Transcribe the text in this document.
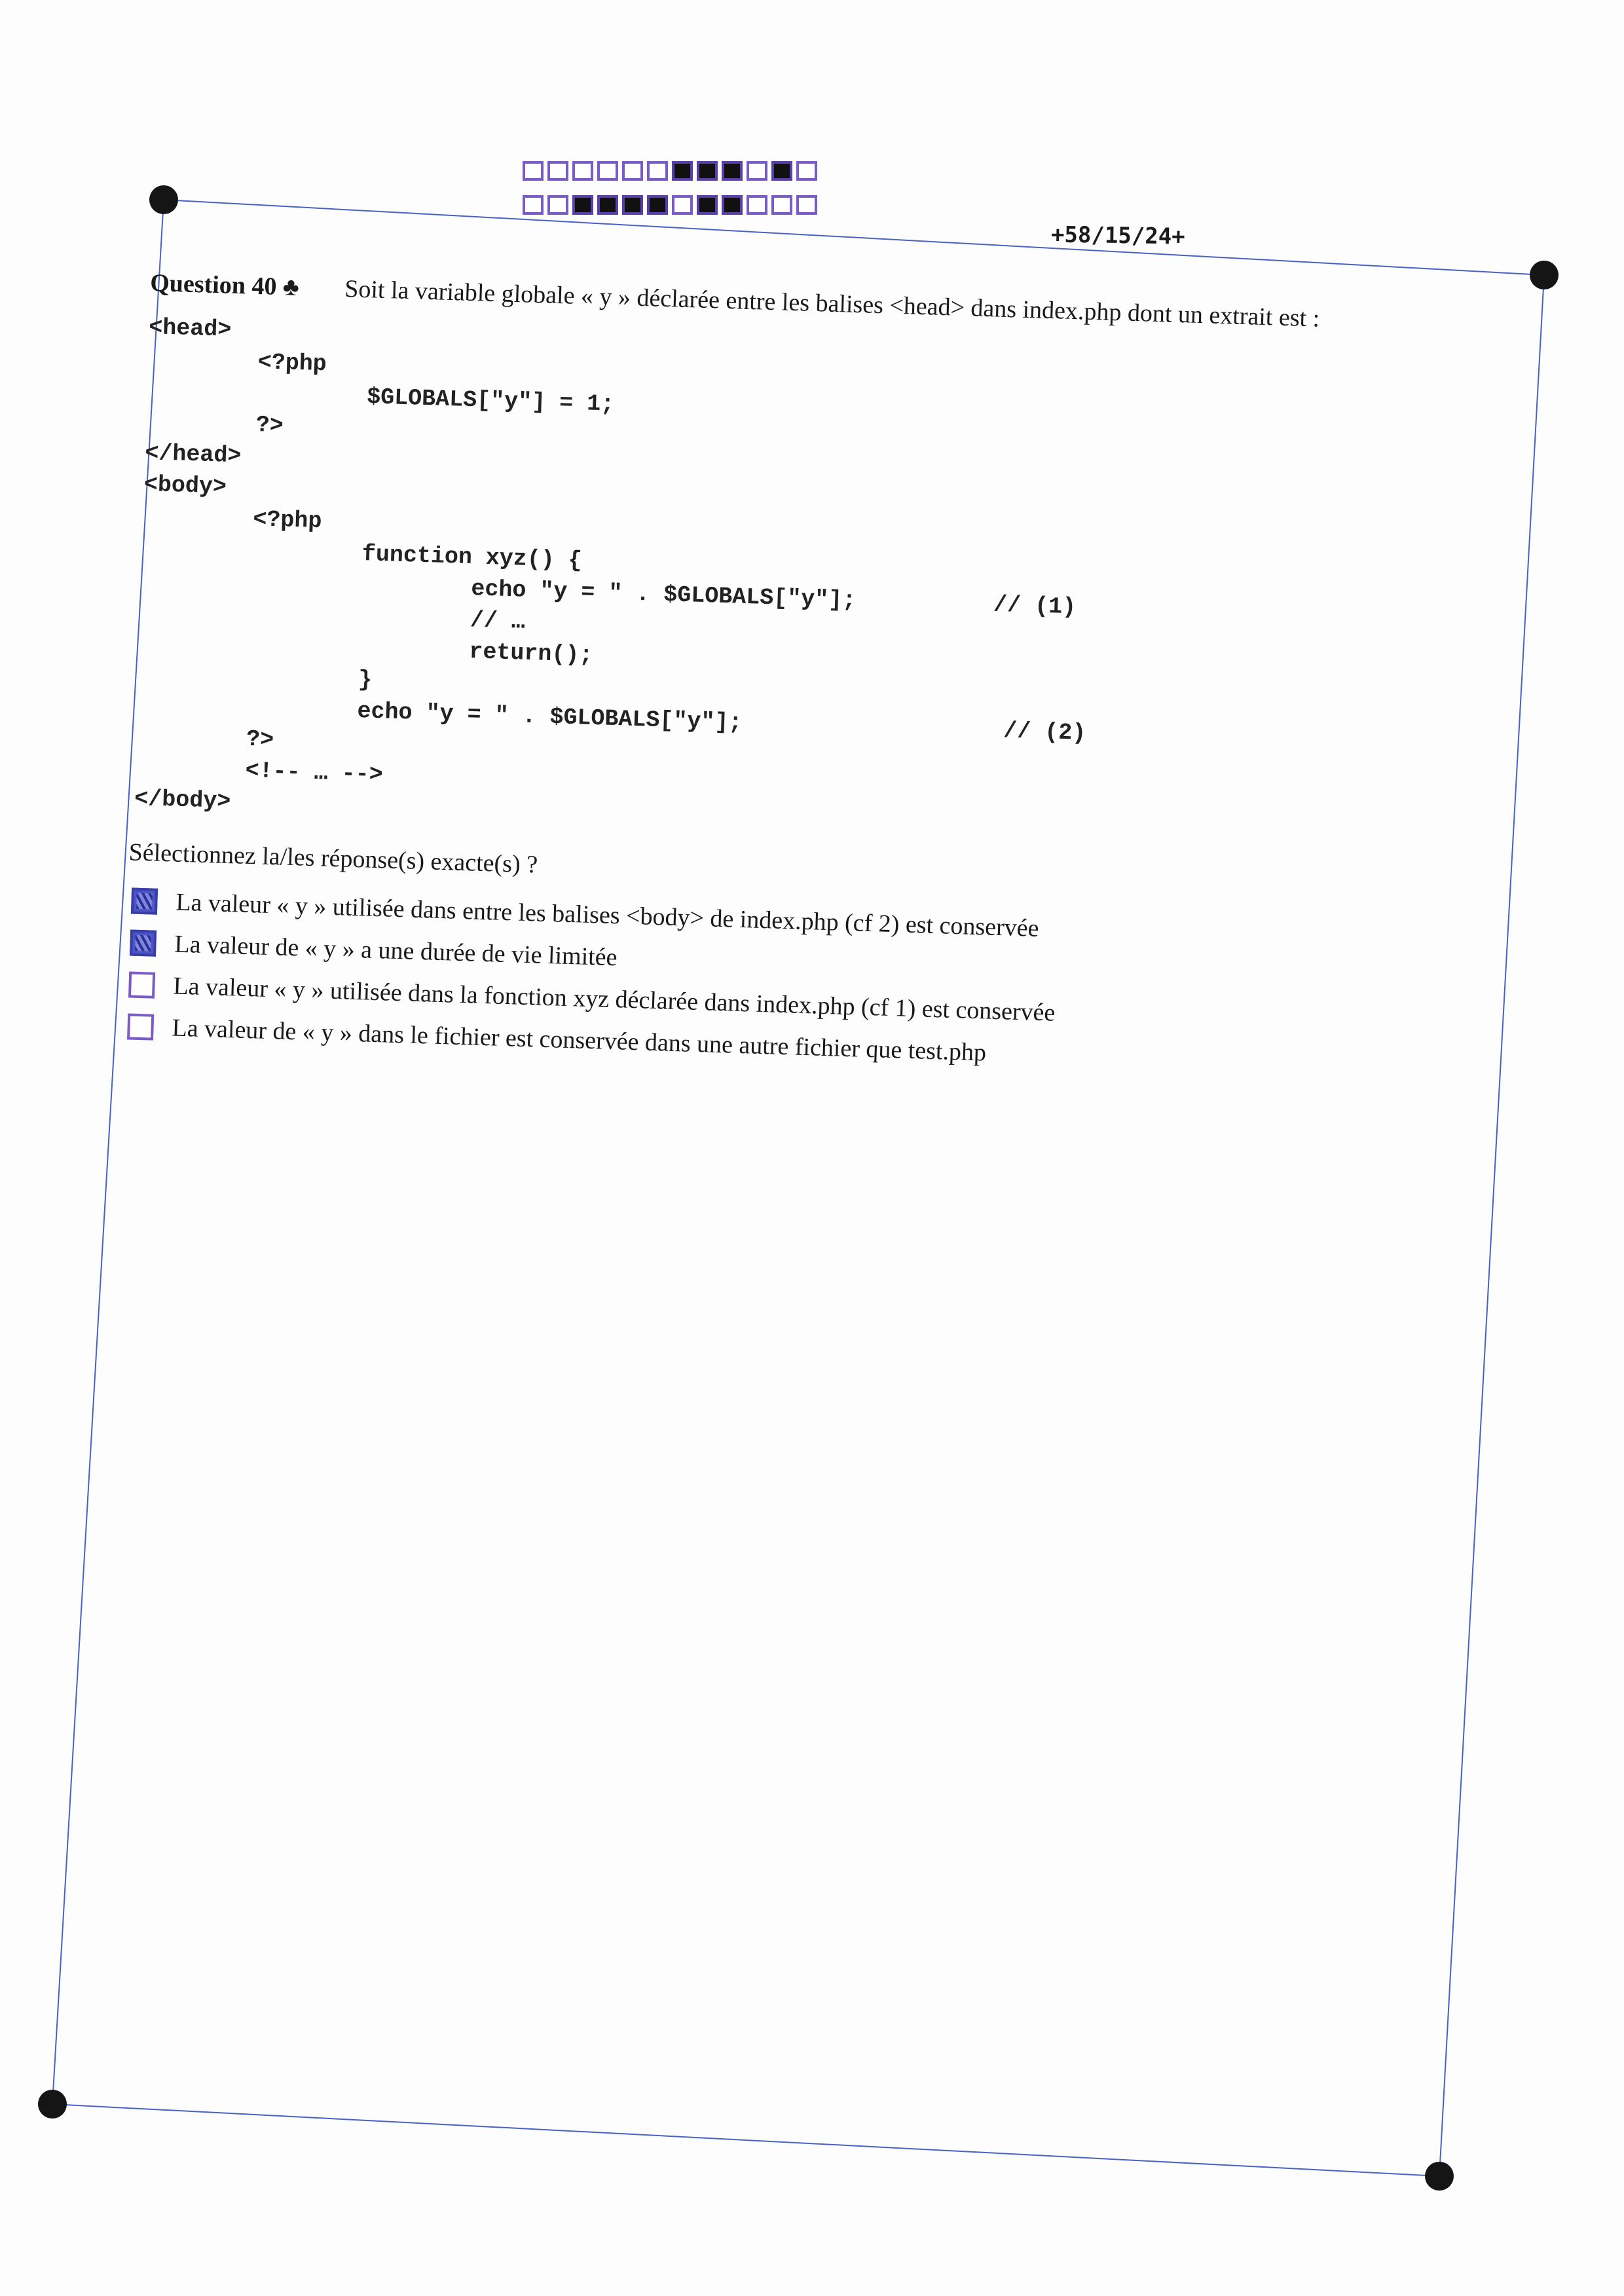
+58/15/24+
Question 40 ♣ Soit la variable globale « y » déclarée entre les balises <head> dans index.php dont un extrait est :
<head>
<?php
$GLOBALS["y"] = 1;
?>
</head>
<body>
<?php
function xyz() {
echo "y = " . $GLOBALS["y"];          // (1)
// …
return();
}
echo "y = " . $GLOBALS["y"];                   // (2)
?>
<!-- … -->
</body>
Sélectionnez la/les réponse(s) exacte(s) ?
La valeur « y » utilisée dans entre les balises <body> de index.php (cf 2) est conservée
La valeur de « y » a une durée de vie limitée
La valeur « y » utilisée dans la fonction xyz déclarée dans index.php (cf 1) est conservée
La valeur de « y » dans le fichier est conservée dans une autre fichier que test.php
